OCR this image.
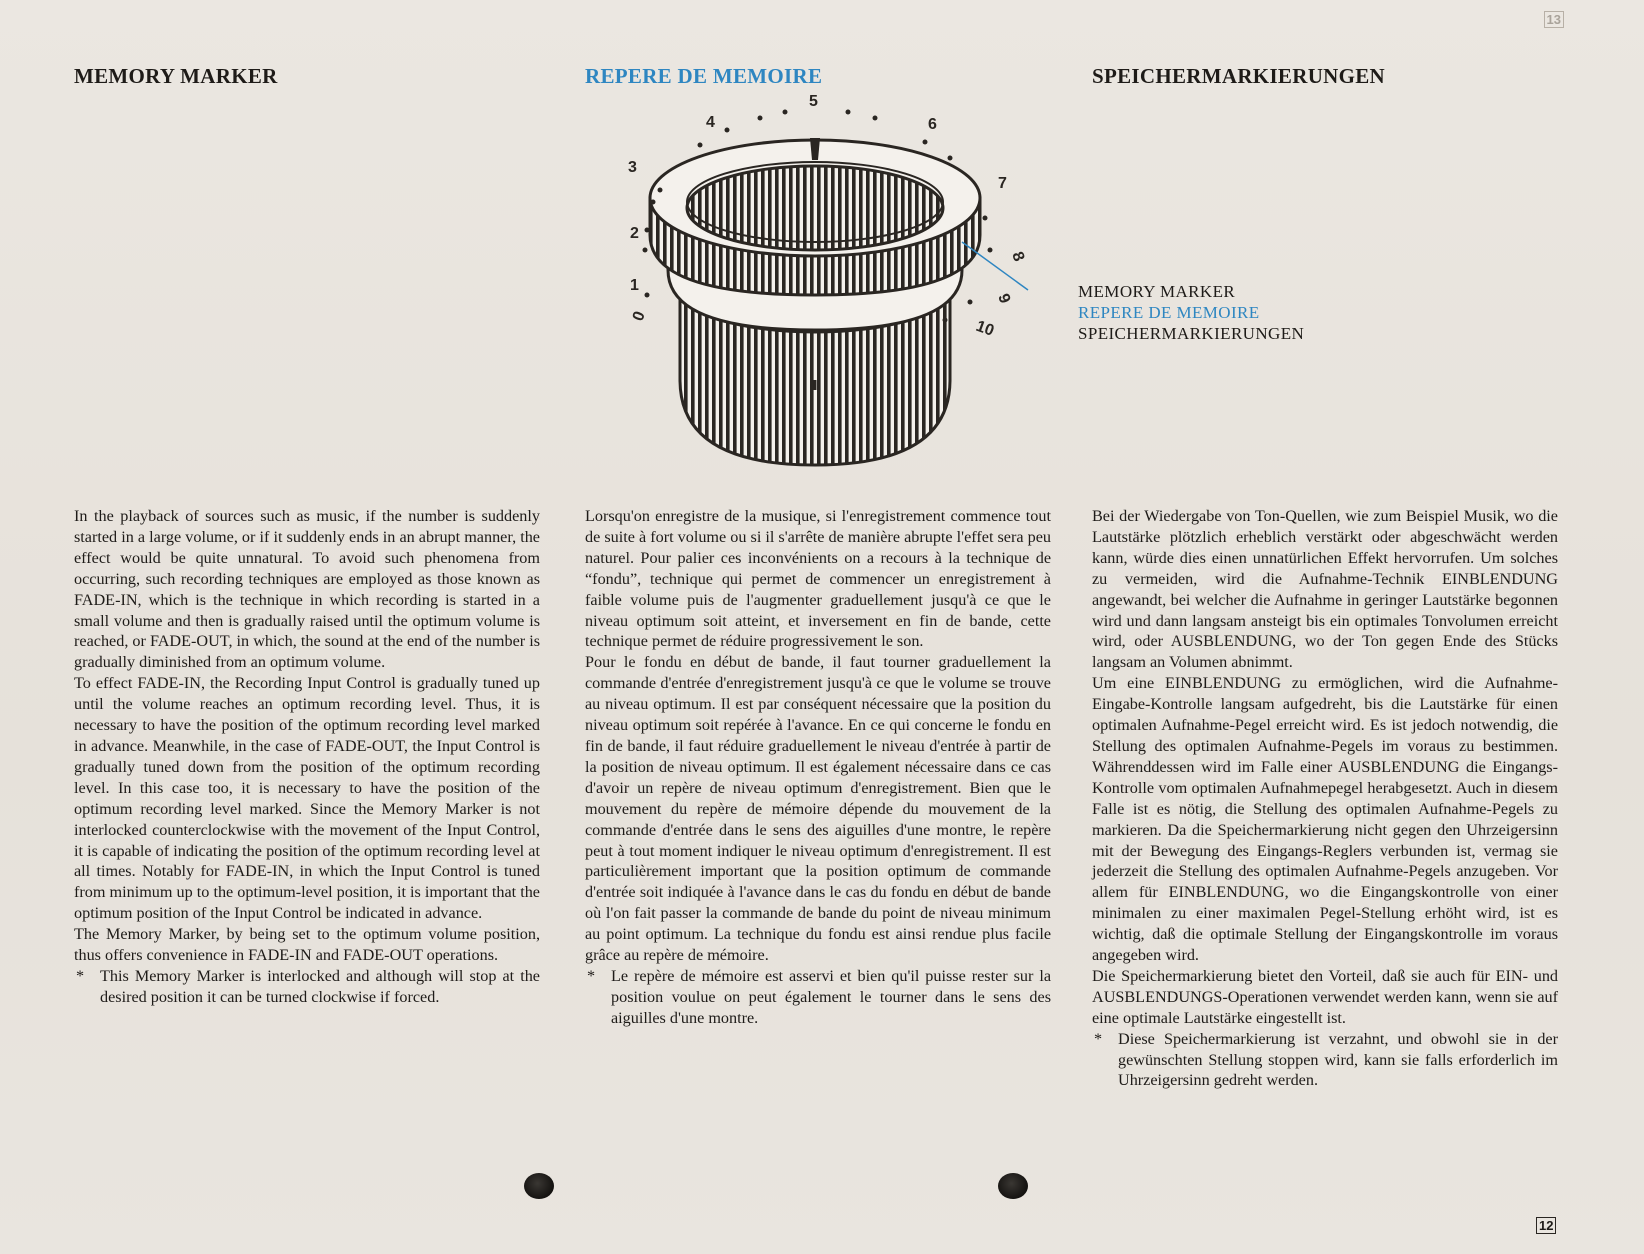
13
12
MEMORY MARKER	REPERE DE MEMOIRE	SPEICHERMARKIERUNGEN
0
1
2
3
4
5
6
7
8
9
10
MEMORY MARKER
REPERE DE MEMOIRE
SPEICHERMARKIERUNGEN

In the playback of sources such as music, if the number is suddenly started in a large volume, or if it suddenly ends in an abrupt manner, the effect would be quite unnatural. To avoid such phenomena from occurring, such recording techniques are employed as those known as FADE-IN, which is the technique in which recording is started in a small volume and then is gradually raised until the optimum volume is reached, or FADE-OUT, in which, the sound at the end of the number is gradually diminished from an optimum volume.

To effect FADE-IN, the Recording Input Control is gradually tuned up until the volume reaches an optimum recording level. Thus, it is necessary to have the position of the optimum recording level marked in advance. Meanwhile, in the case of FADE-OUT, the Input Control is gradually tuned down from the position of the optimum recording level. In this case too, it is necessary to have the position of the optimum recording level marked. Since the Memory Marker is not interlocked counterclockwise with the movement of the Input Control, it is capable of indicating the position of the optimum recording level at all times. Notably for FADE-IN, in which the Input Control is tuned from minimum up to the optimum-level position, it is important that the optimum position of the Input Control be indicated in advance.

The Memory Marker, by being set to the optimum volume position, thus offers convenience in FADE-IN and FADE-OUT operations.

* This Memory Marker is interlocked and although will stop at the desired position it can be turned clockwise if forced.

Lorsqu'on enregistre de la musique, si l'enregistrement commence tout de suite à fort volume ou si il s'arrête de manière abrupte l'effet sera peu naturel. Pour palier ces inconvénients on a recours à la technique de “fondu”, technique qui permet de commencer un enregistrement à faible volume puis de l'augmenter graduellement jusqu'à ce que le niveau optimum soit atteint, et inversement en fin de bande, cette technique permet de réduire progressivement le son.

Pour le fondu en début de bande, il faut tourner graduellement la commande d'entrée d'enregistrement jusqu'à ce que le volume se trouve au niveau optimum. Il est par conséquent nécessaire que la position du niveau optimum soit repérée à l'avance. En ce qui concerne le fondu en fin de bande, il faut réduire graduellement le niveau d'entrée à partir de la position de niveau optimum. Il est également nécessaire dans ce cas d'avoir un repère de niveau optimum d'enregistrement. Bien que le mouvement du repère de mémoire dépende du mouvement de la commande d'entrée dans le sens des aiguilles d'une montre, le repère peut à tout moment indiquer le niveau optimum d'enregistrement. Il est particulièrement important que la position optimum de commande d'entrée soit indiquée à l'avance dans le cas du fondu en début de bande où l'on fait passer la commande de bande du point de niveau minimum au point optimum. La technique du fondu est ainsi rendue plus facile grâce au repère de mémoire.

* Le repère de mémoire est asservi et bien qu'il puisse rester sur la position voulue on peut également le tourner dans le sens des aiguilles d'une montre.

Bei der Wiedergabe von Ton-Quellen, wie zum Beispiel Musik, wo die Lautstärke plötzlich erheblich verstärkt oder abgeschwächt werden kann, würde dies einen unnatürlichen Effekt hervorrufen. Um solches zu vermeiden, wird die Aufnahme-Technik EINBLENDUNG angewandt, bei welcher die Aufnahme in geringer Lautstärke begonnen wird und dann langsam ansteigt bis ein optimales Tonvolumen erreicht wird, oder AUSBLENDUNG, wo der Ton gegen Ende des Stücks langsam an Volumen abnimmt.

Um eine EINBLENDUNG zu ermöglichen, wird die Aufnahme-Eingabe-Kontrolle langsam aufgedreht, bis die Lautstärke für einen optimalen Aufnahme-Pegel erreicht wird. Es ist jedoch notwendig, die Stellung des optimalen Aufnahme-Pegels im voraus zu bestimmen. Währenddessen wird im Falle einer AUSBLENDUNG die Eingangs-Kontrolle vom optimalen Aufnahmepegel herabgesetzt. Auch in diesem Falle ist es nötig, die Stellung des optimalen Aufnahme-Pegels zu markieren. Da die Speichermarkierung nicht gegen den Uhrzeigersinn mit der Bewegung des Eingangs-Reglers verbunden ist, vermag sie jederzeit die Stellung des optimalen Aufnahme-Pegels anzugeben. Vor allem für EINBLENDUNG, wo die Eingangskontrolle von einer minimalen zu einer maximalen Pegel-Stellung erhöht wird, ist es wichtig, daß die optimale Stellung der Eingangskontrolle im voraus angegeben wird.

Die Speichermarkierung bietet den Vorteil, daß sie auch für EIN- und AUSBLENDUNGS-Operationen verwendet werden kann, wenn sie auf eine optimale Lautstärke eingestellt ist.

* Diese Speichermarkierung ist verzahnt, und obwohl sie in der gewünschten Stellung stoppen wird, kann sie falls erforderlich im Uhrzeigersinn gedreht werden.
